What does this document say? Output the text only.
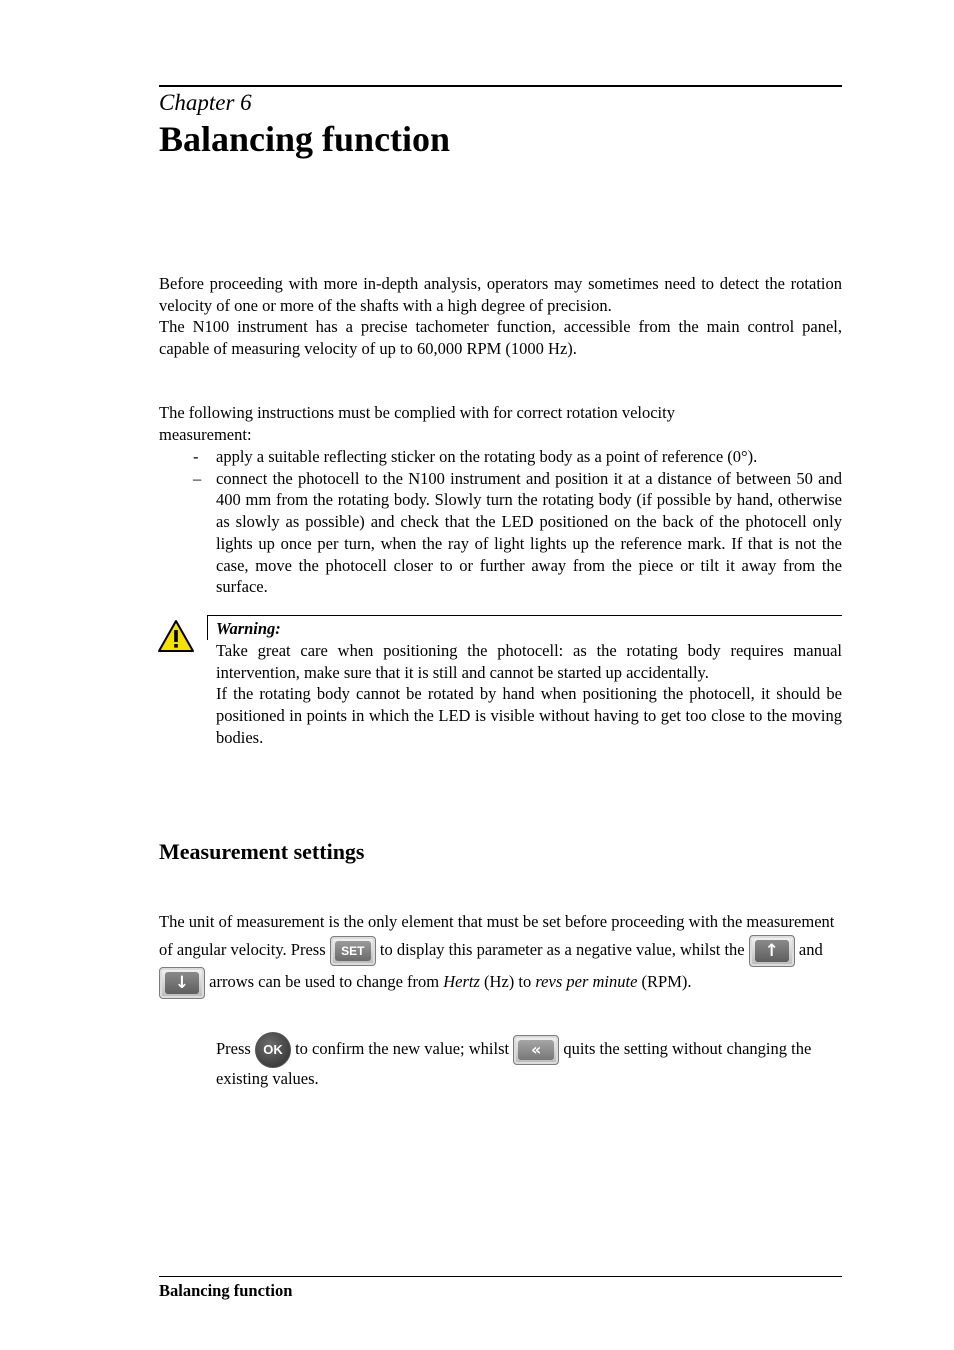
Chapter 6
Balancing function
Before proceeding with more in-depth analysis, operators may sometimes need to detect the rotation velocity of one or more of the shafts with a high degree of precision.
The N100 instrument has a precise tachometer function, accessible from the main control panel, capable of measuring velocity of up to 60,000 RPM (1000 Hz).
The following instructions must be complied with for correct rotation velocity measurement:
- apply a suitable reflecting sticker on the rotating body as a point of reference (0°).
– connect the photocell to the N100 instrument and position it at a distance of between 50 and 400 mm from the rotating body. Slowly turn the rotating body (if possible by hand, otherwise as slowly as possible) and check that the LED positioned on the back of the photocell only lights up once per turn, when the ray of light lights up the reference mark. If that is not the case, move the photocell closer to or further away from the piece or tilt it away from the surface.
Warning:
Take great care when positioning the photocell: as the rotating body requires manual intervention, make sure that it is still and cannot be started up accidentally.
If the rotating body cannot be rotated by hand when positioning the photocell, it should be positioned in points in which the LED is visible without having to get too close to the moving bodies.
Measurement settings
The unit of measurement is the only element that must be set before proceeding with the measurement of angular velocity. Press	SET to display this parameter as a negative value, whilst the	↑	and
↓	arrows can be used to change from Hertz (Hz) to revs per minute (RPM).
Press OK to confirm the new value; whilst	«	quits the setting without changing the existing values.
Balancing function
